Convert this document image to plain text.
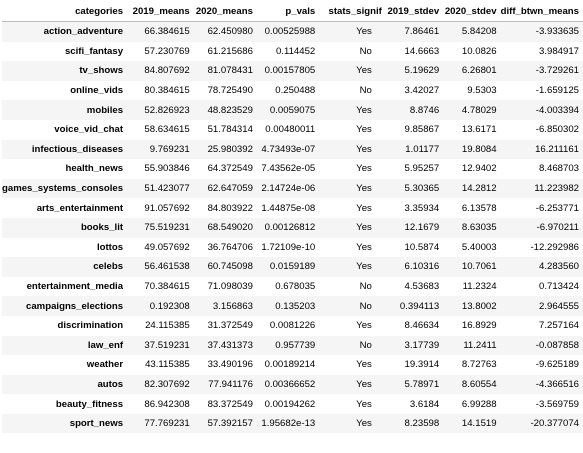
categories	2019_means	2020_means	p_vals	stats_signif	2019_stdev	2020_stdev	diff_btwn_means
action_adventure	66.384615	62.450980	0.00525988	Yes	7.86461	5.84208	-3.933635
scifi_fantasy	57.230769	61.215686	0.114452	No	14.6663	10.0826	3.984917
tv_shows	84.807692	81.078431	0.00157805	Yes	5.19629	6.26801	-3.729261
online_vids	80.384615	78.725490	0.250488	No	3.42027	9.5303	-1.659125
mobiles	52.826923	48.823529	0.0059075	Yes	8.8746	4.78029	-4.003394
voice_vid_chat	58.634615	51.784314	0.00480011	Yes	9.85867	13.6171	-6.850302
infectious_diseases	9.769231	25.980392	4.73493e-07	Yes	1.01177	19.8084	16.211161
health_news	55.903846	64.372549	7.43562e-05	Yes	5.95257	12.9402	8.468703
games_systems_consoles	51.423077	62.647059	2.14724e-06	Yes	5.30365	14.2812	11.223982
arts_entertainment	91.057692	84.803922	1.44875e-08	Yes	3.35934	6.13578	-6.253771
books_lit	75.519231	68.549020	0.00126812	Yes	12.1679	8.63035	-6.970211
lottos	49.057692	36.764706	1.72109e-10	Yes	10.5874	5.40003	-12.292986
celebs	56.461538	60.745098	0.0159189	Yes	6.10316	10.7061	4.283560
entertainment_media	70.384615	71.098039	0.678035	No	4.53683	11.2324	0.713424
campaigns_elections	0.192308	3.156863	0.135203	No	0.394113	13.8002	2.964555
discrimination	24.115385	31.372549	0.0081226	Yes	8.46634	16.8929	7.257164
law_enf	37.519231	37.431373	0.957739	No	3.17739	11.2411	-0.087858
weather	43.115385	33.490196	0.00189214	Yes	19.3914	8.72763	-9.625189
autos	82.307692	77.941176	0.00366652	Yes	5.78971	8.60554	-4.366516
beauty_fitness	86.942308	83.372549	0.00194262	Yes	3.6184	6.99288	-3.569759
sport_news	77.769231	57.392157	1.95682e-13	Yes	8.23598	14.1519	-20.377074
